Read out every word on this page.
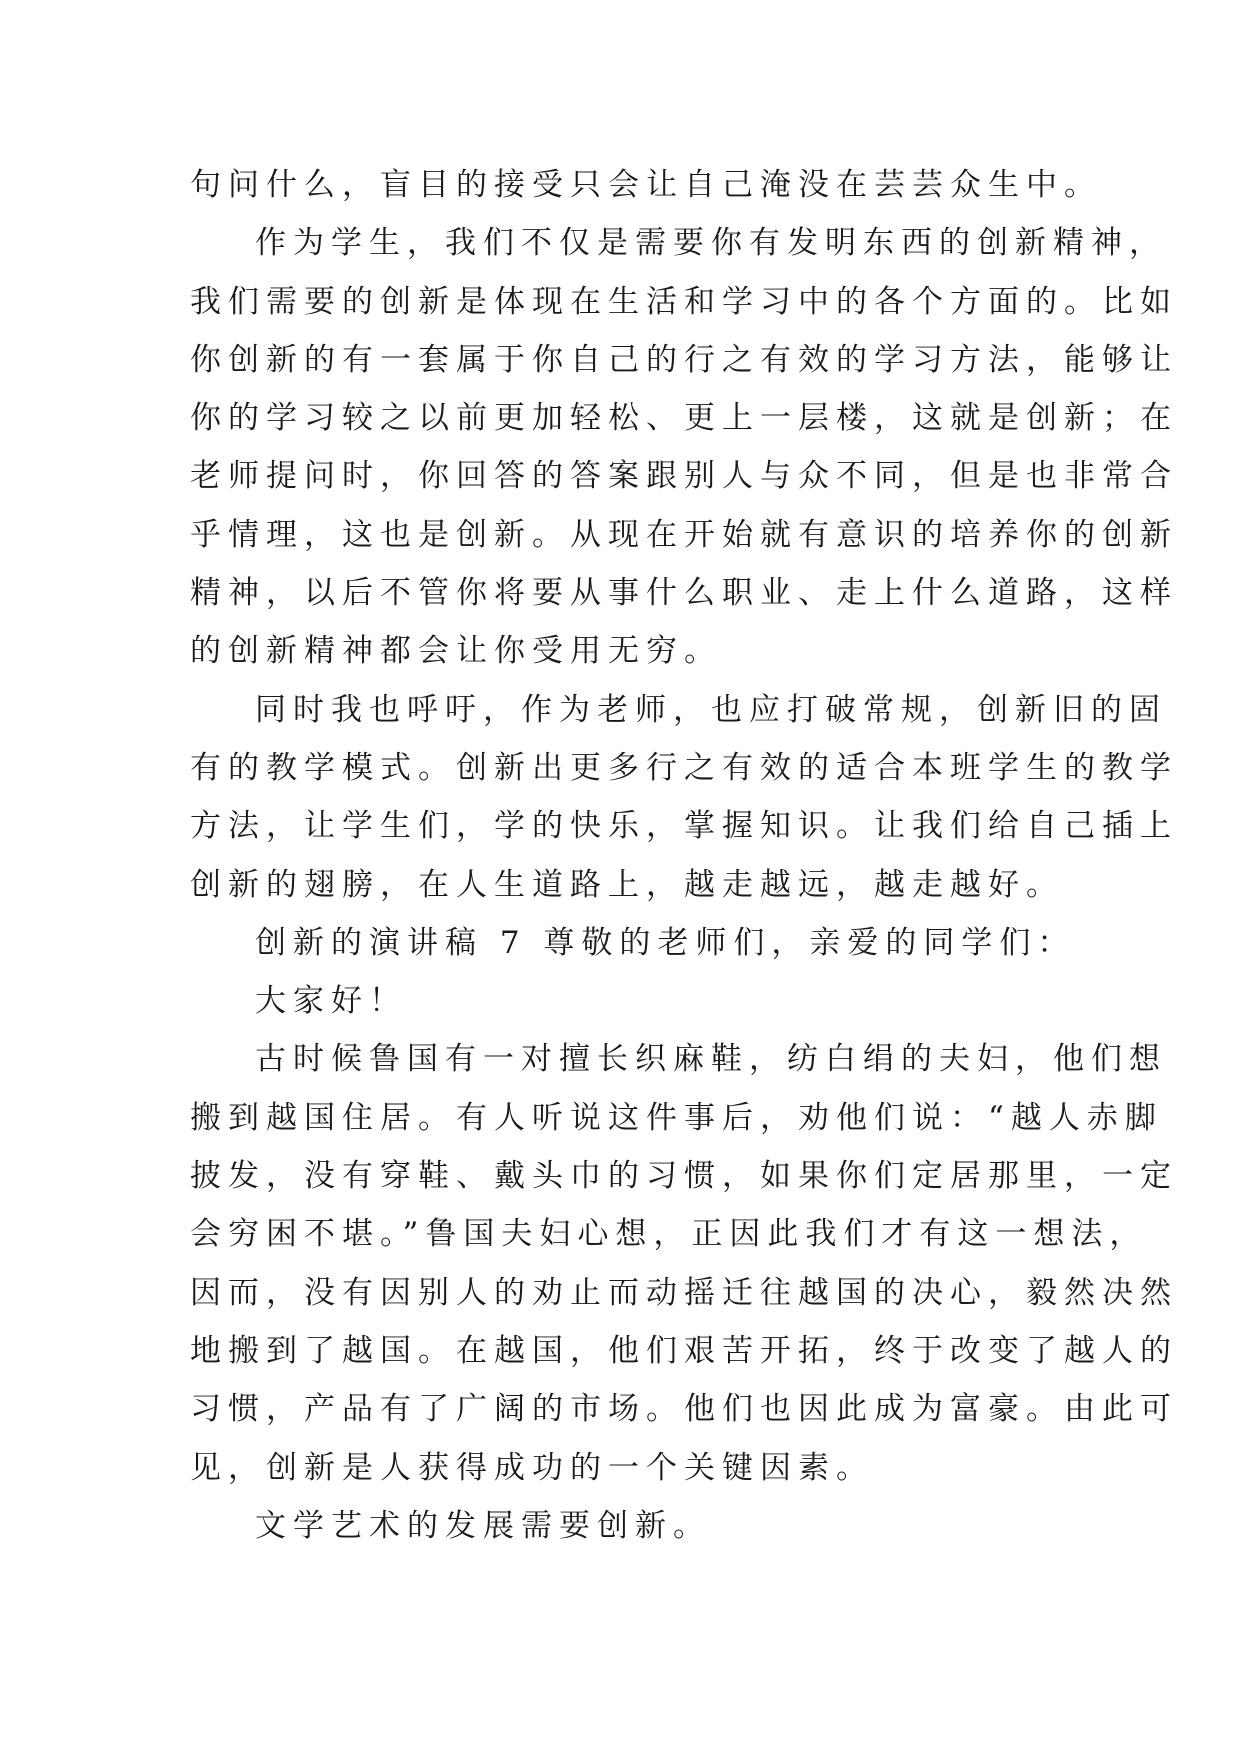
句问什么，盲目的接受只会让自己淹没在芸芸众生中。
作为学生，我们不仅是需要你有发明东西的创新精神，
我们需要的创新是体现在生活和学习中的各个方面的。比如
你创新的有一套属于你自己的行之有效的学习方法，能够让
你的学习较之以前更加轻松、更上一层楼，这就是创新；在
老师提问时，你回答的答案跟别人与众不同，但是也非常合
乎情理，这也是创新。从现在开始就有意识的培养你的创新
精神，以后不管你将要从事什么职业、走上什么道路，这样
的创新精神都会让你受用无穷。
同时我也呼吁，作为老师，也应打破常规，创新旧的固
有的教学模式。创新出更多行之有效的适合本班学生的教学
方法，让学生们，学的快乐，掌握知识。让我们给自己插上
创新的翅膀，在人生道路上，越走越远，越走越好。
创新的演讲稿 7 尊敬的老师们，亲爱的同学们：
大家好！
古时候鲁国有一对擅长织麻鞋，纺白绢的夫妇，他们想
搬到越国住居。有人听说这件事后，劝他们说：“越人赤脚
披发，没有穿鞋、戴头巾的习惯，如果你们定居那里，一定
会穷困不堪。”鲁国夫妇心想，正因此我们才有这一想法，
因而，没有因别人的劝止而动摇迁往越国的决心，毅然决然
地搬到了越国。在越国，他们艰苦开拓，终于改变了越人的
习惯，产品有了广阔的市场。他们也因此成为富豪。由此可
见，创新是人获得成功的一个关键因素。
文学艺术的发展需要创新。
